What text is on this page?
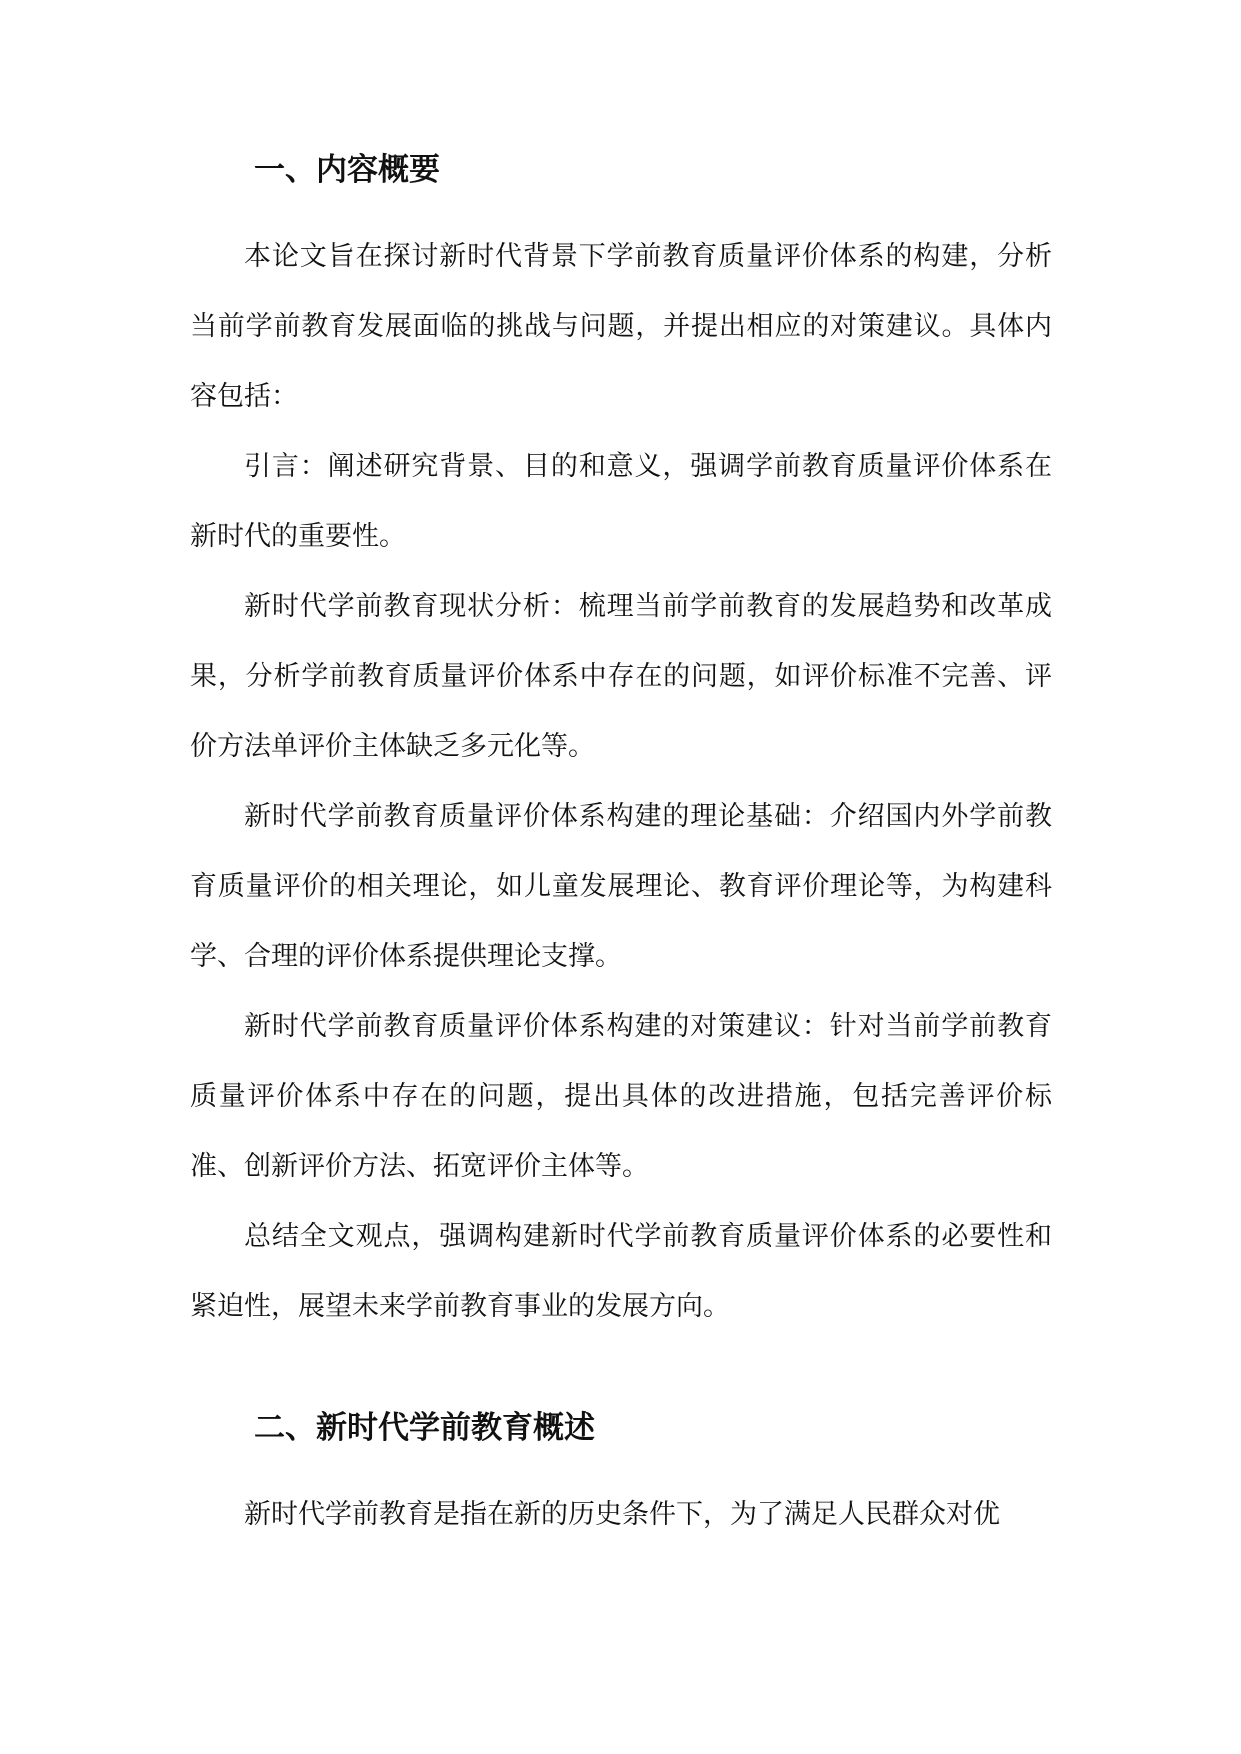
一、内容概要

本论文旨在探讨新时代背景下学前教育质量评价体系的构建，分析当前学前教育发展面临的挑战与问题，并提出相应的对策建议。具体内容包括：

引言：阐述研究背景、目的和意义，强调学前教育质量评价体系在新时代的重要性。

新时代学前教育现状分析：梳理当前学前教育的发展趋势和改革成果，分析学前教育质量评价体系中存在的问题，如评价标准不完善、评价方法单评价主体缺乏多元化等。

新时代学前教育质量评价体系构建的理论基础：介绍国内外学前教育质量评价的相关理论，如儿童发展理论、教育评价理论等，为构建科学、合理的评价体系提供理论支撑。

新时代学前教育质量评价体系构建的对策建议：针对当前学前教育质量评价体系中存在的问题，提出具体的改进措施，包括完善评价标准、创新评价方法、拓宽评价主体等。

总结全文观点，强调构建新时代学前教育质量评价体系的必要性和紧迫性，展望未来学前教育事业的发展方向。

二、新时代学前教育概述

新时代学前教育是指在新的历史条件下，为了满足人民群众对优
